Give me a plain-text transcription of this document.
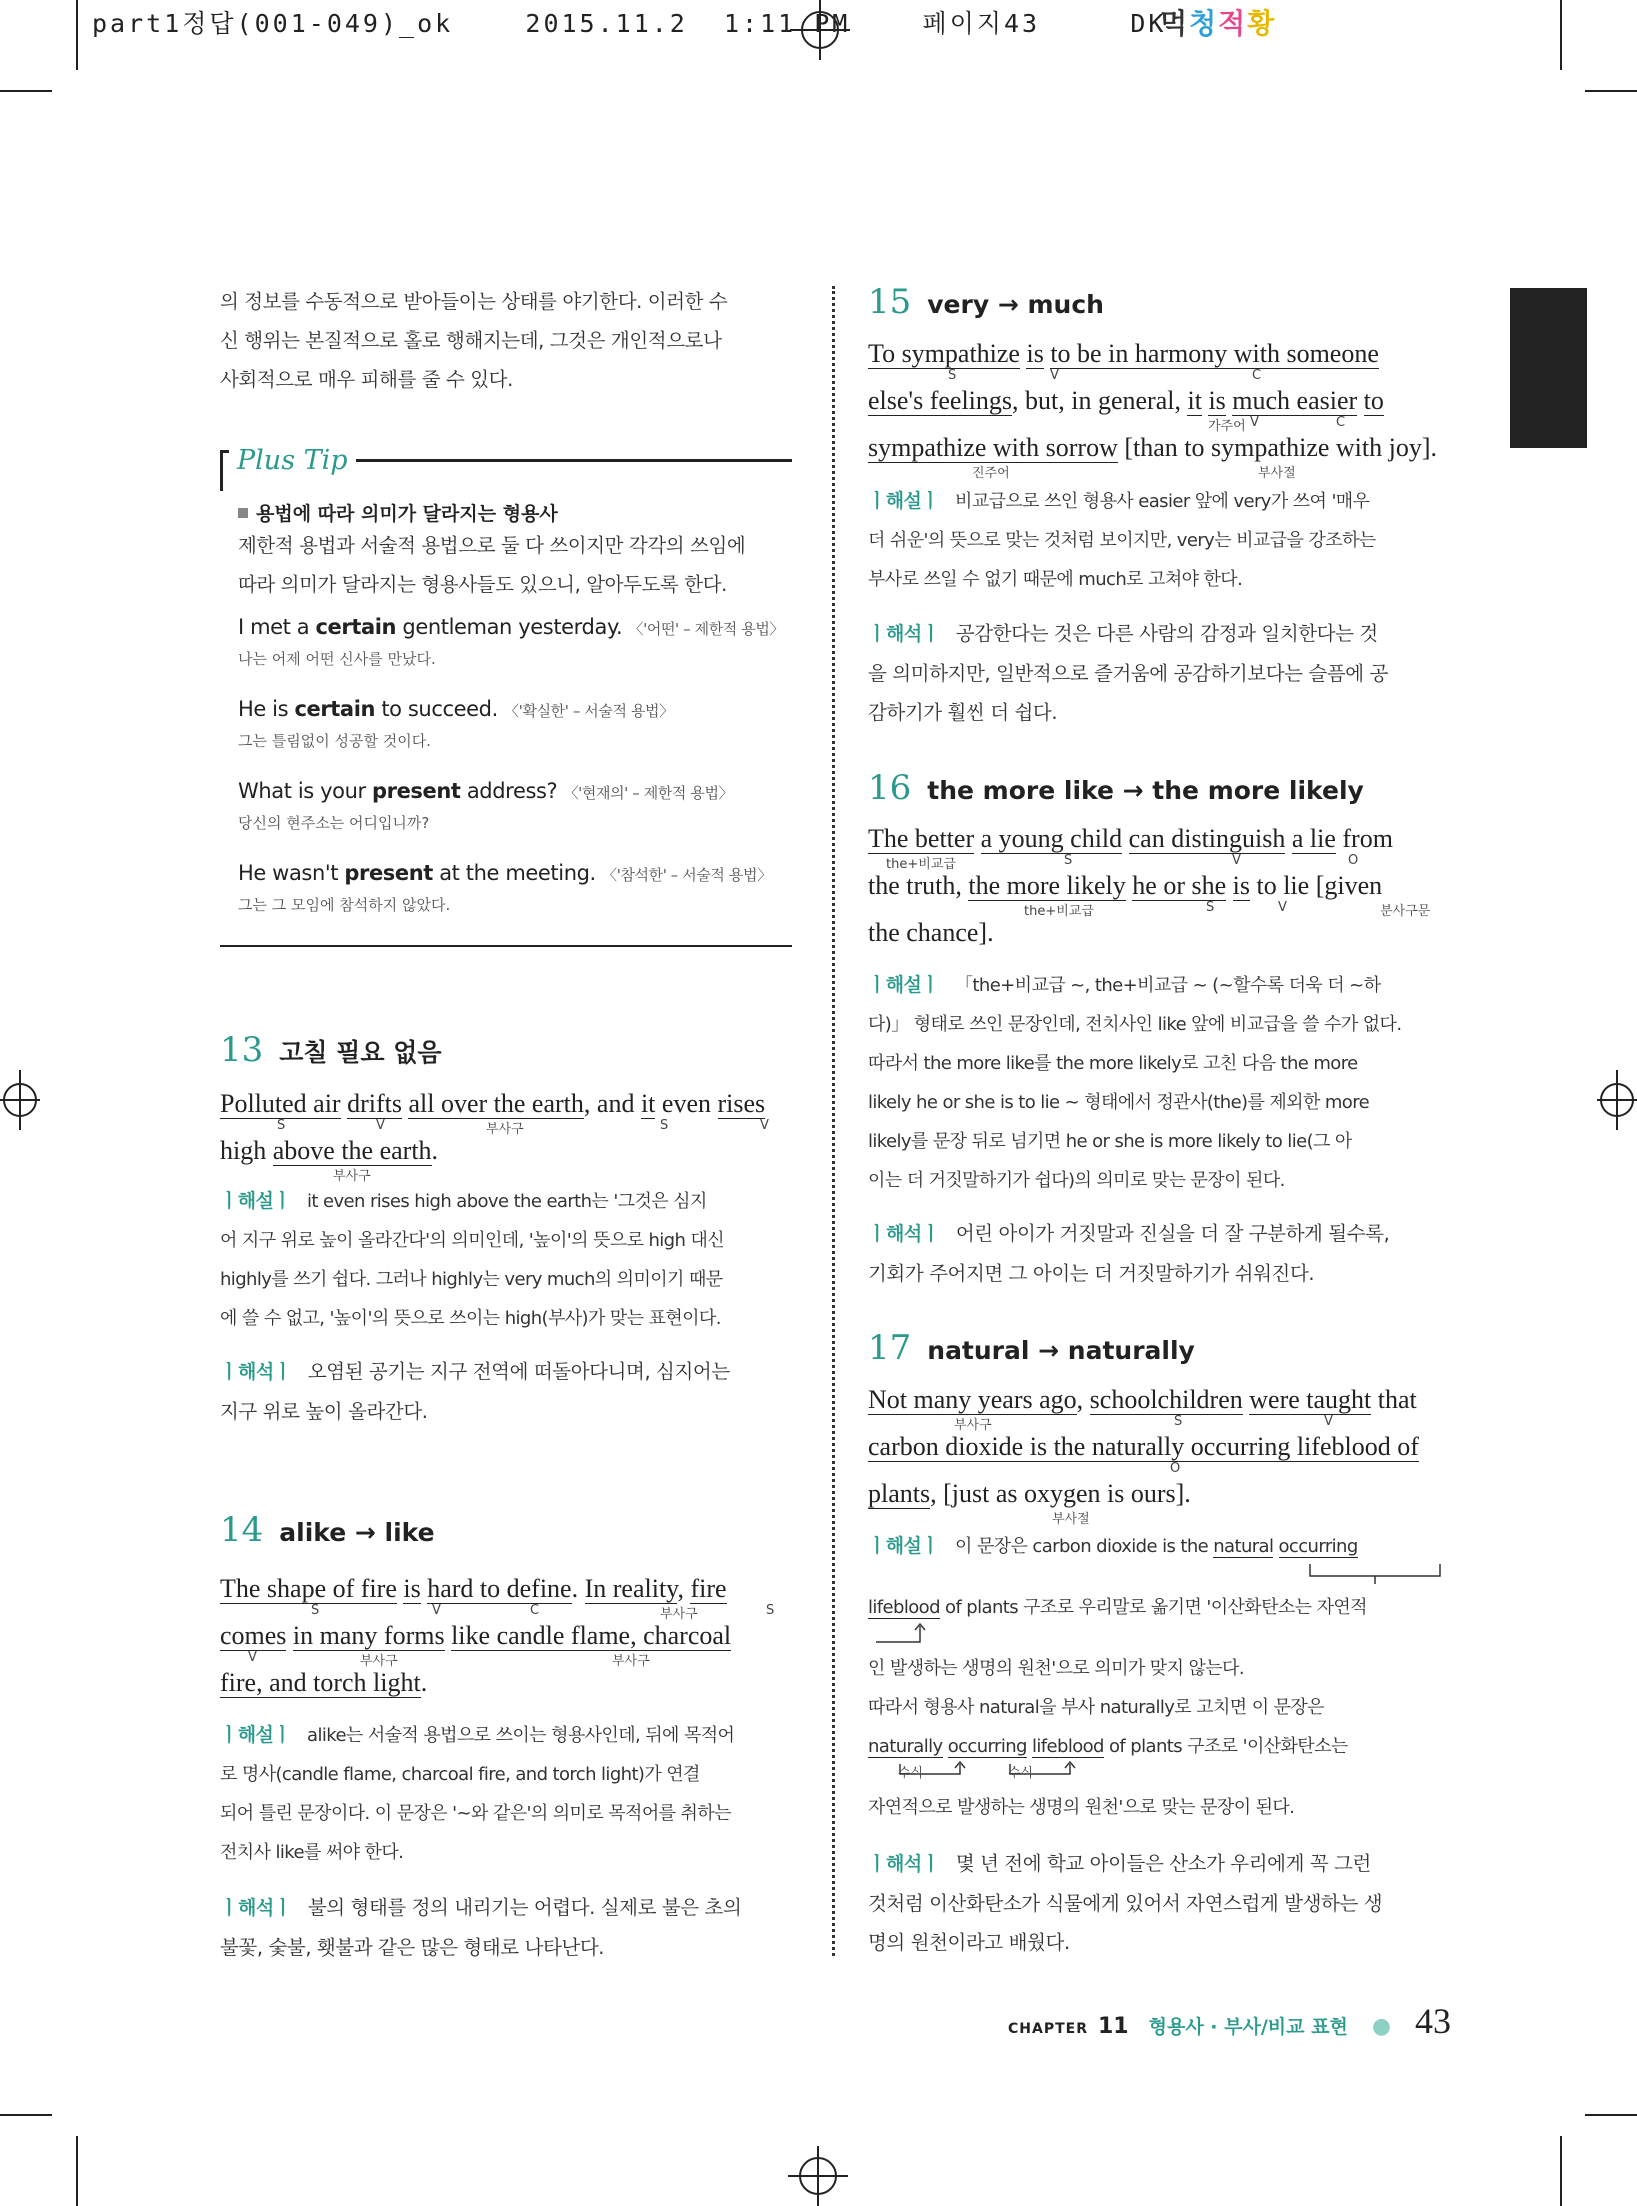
part1정답(001-049)_ok	2015.11.2 1:11 PM	페이지43	DK
먹청적황
의 정보를 수동적으로 받아들이는 상태를 야기한다. 이러한 수
신 행위는 본질적으로 홀로 행해지는데, 그것은 개인적으로나
사회적으로 매우 피해를 줄 수 있다.
Plus Tip
용법에 따라 의미가 달라지는 형용사
제한적 용법과 서술적 용법으로 둘 다 쓰이지만 각각의 쓰임에
따라 의미가 달라지는 형용사들도 있으니, 알아두도록 한다.
I met a certain gentleman yesterday. 〈'어떤' – 제한적 용법〉
나는 어제 어떤 신사를 만났다.
He is certain to succeed. 〈'확실한' – 서술적 용법〉
그는 틀림없이 성공할 것이다.
What is your present address? 〈'현재의' – 제한적 용법〉
당신의 현주소는 어디입니까?
He wasn't present at the meeting. 〈'참석한' – 서술적 용법〉
그는 그 모임에 참석하지 않았다.
13 고칠 필요 없음
Polluted air drifts all over the earth, and it even rises
S	V	부사구	S	V
high above the earth.
부사구
ㅣ해설ㅣ it even rises high above the earth는 '그것은 심지
어 지구 위로 높이 올라간다'의 의미인데, '높이'의 뜻으로 high 대신
highly를 쓰기 쉽다. 그러나 highly는 very much의 의미이기 때문
에 쓸 수 없고, '높이'의 뜻으로 쓰이는 high(부사)가 맞는 표현이다.
ㅣ해석ㅣ 오염된 공기는 지구 전역에 떠돌아다니며, 심지어는
지구 위로 높이 올라간다.
14 alike → like
The shape of fire is hard to define. In reality, fire
S	V	C	부사구	S
comes in many forms like candle flame, charcoal
V	부사구	부사구
fire, and torch light.
ㅣ해설ㅣ alike는 서술적 용법으로 쓰이는 형용사인데, 뒤에 목적어
로 명사(candle flame, charcoal fire, and torch light)가 연결
되어 틀린 문장이다. 이 문장은 '~와 같은'의 의미로 목적어를 취하는
전치사 like를 써야 한다.
ㅣ해석ㅣ 불의 형태를 정의 내리기는 어렵다. 실제로 불은 초의
불꽃, 숯불, 횃불과 같은 많은 형태로 나타난다.
15 very → much
To sympathize is to be in harmony with someone
S	V	C
else's feelings, but, in general, it is much easier to
가주어 V	C
sympathize with sorrow [than to sympathize with joy].
진주어	부사절
ㅣ해설ㅣ 비교급으로 쓰인 형용사 easier 앞에 very가 쓰여 '매우
더 쉬운'의 뜻으로 맞는 것처럼 보이지만, very는 비교급을 강조하는
부사로 쓰일 수 없기 때문에 much로 고쳐야 한다.
ㅣ해석ㅣ 공감한다는 것은 다른 사람의 감정과 일치한다는 것
을 의미하지만, 일반적으로 즐거움에 공감하기보다는 슬픔에 공
감하기가 훨씬 더 쉽다.
16 the more like → the more likely
The better a young child can distinguish a lie from
the+비교급	S	V	O
the truth, the more likely he or she is to lie [given
the+비교급	S	V	분사구문
the chance].
ㅣ해설ㅣ 「the+비교급 ~, the+비교급 ~ (~할수록 더욱 더 ~하
다)」 형태로 쓰인 문장인데, 전치사인 like 앞에 비교급을 쓸 수가 없다.
따라서 the more like를 the more likely로 고친 다음 the more
likely he or she is to lie ~ 형태에서 정관사(the)를 제외한 more
likely를 문장 뒤로 넘기면 he or she is more likely to lie(그 아
이는 더 거짓말하기가 쉽다)의 의미로 맞는 문장이 된다.
ㅣ해석ㅣ 어린 아이가 거짓말과 진실을 더 잘 구분하게 될수록,
기회가 주어지면 그 아이는 더 거짓말하기가 쉬워진다.
17 natural → naturally
Not many years ago, schoolchildren were taught that
부사구	S	V
carbon dioxide is the naturally occurring lifeblood of
O
plants, [just as oxygen is ours].
부사절
ㅣ해설ㅣ 이 문장은 carbon dioxide is the natural occurring
lifeblood of plants 구조로 우리말로 옮기면 '이산화탄소는 자연적
인 발생하는 생명의 원천'으로 의미가 맞지 않는다.
따라서 형용사 natural을 부사 naturally로 고치면 이 문장은
naturally occurring lifeblood of plants 구조로 '이산화탄소는
자연적으로 발생하는 생명의 원천'으로 맞는 문장이 된다.
수식	수식
ㅣ해석ㅣ 몇 년 전에 학교 아이들은 산소가 우리에게 꼭 그런
것처럼 이산화탄소가 식물에게 있어서 자연스럽게 발생하는 생
명의 원천이라고 배웠다.
CHAPTER 11 형용사 · 부사/비교 표현 ● 43
